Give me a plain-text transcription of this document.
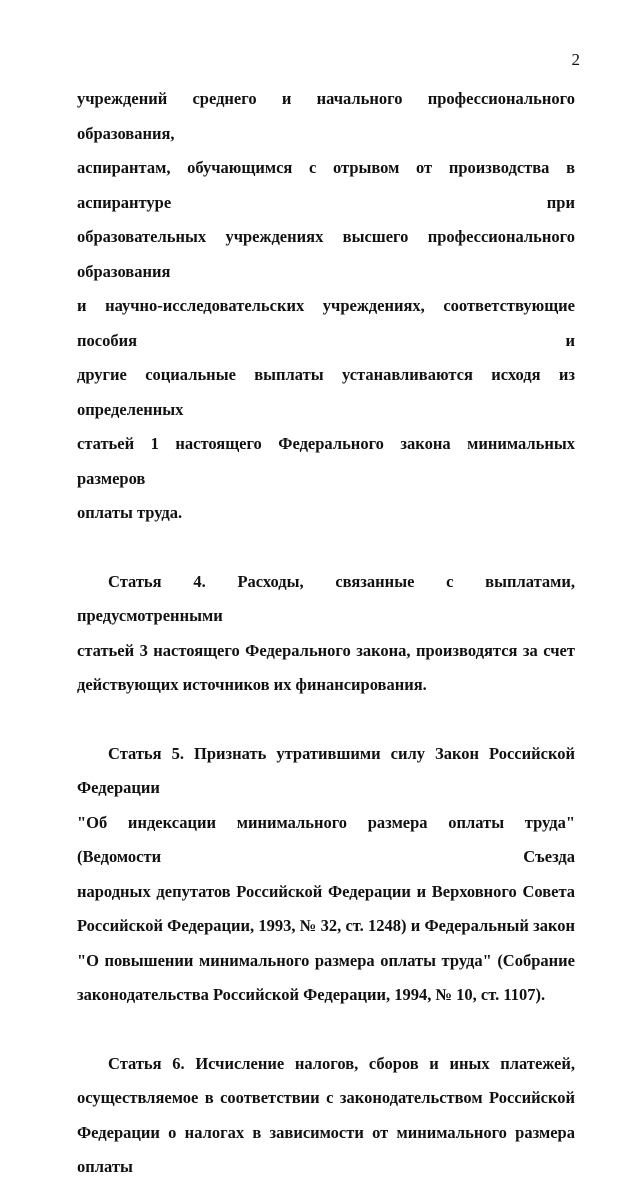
2

учреждений среднего и начального профессионального образования,

аспирантам, обучающимся с отрывом от производства в аспирантуре при

образовательных учреждениях высшего профессионального образования

и научно-исследовательских учреждениях, соответствующие пособия и

другие социальные выплаты устанавливаются исходя из определенных

статьей 1 настоящего Федерального закона минимальных размеров

оплаты труда.

Статья 4. Расходы, связанные с выплатами, предусмотренными

статьей 3 настоящего Федерального закона, производятся за счет

действующих источников их финансирования.

Статья 5. Признать утратившими силу Закон Российской Федерации

"Об индексации минимального размера оплаты труда"(Ведомости Съезда

народных депутатов Российской Федерации и Верховного Совета

Российской Федерации, 1993, № 32, ст. 1248) и Федеральный закон

"О повышении минимального размера оплаты труда" (Собрание

законодательства Российской Федерации, 1994, № 10, ст. 1107).

Статья 6. Исчисление налогов, сборов и иных платежей,

осуществляемое в соответствии с законодательством Российской

Федерации о налогах в зависимости от минимального размера оплаты
